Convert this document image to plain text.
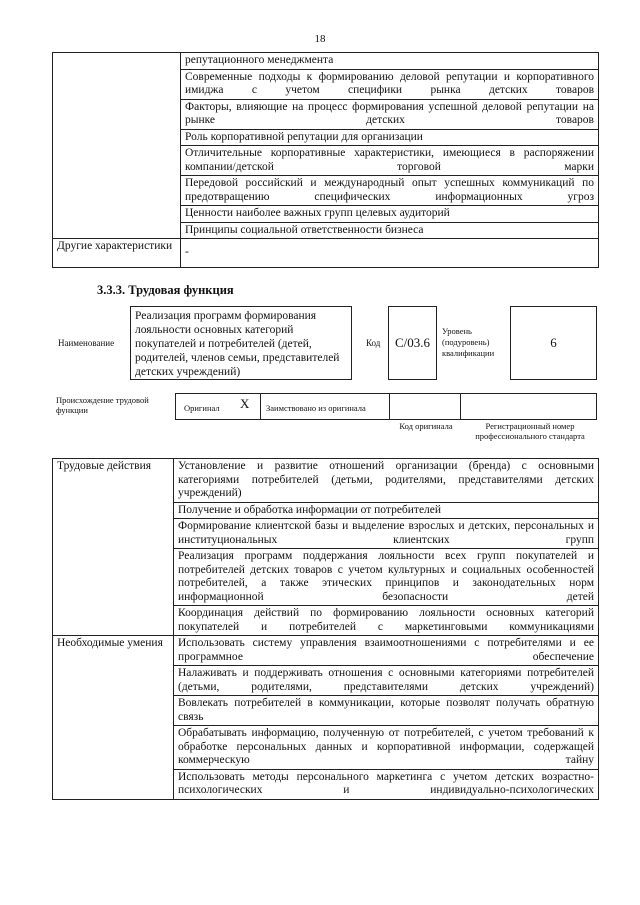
18
	репутационного менеджмента
	Современные подходы к формированию деловой репутации и корпоративного имиджа с учетом специфики рынка детских товаров
	Факторы, влияющие на процесс формирования успешной деловой репутации на рынке детских товаров
	Роль корпоративной репутации для организации
	Отличительные корпоративные характеристики, имеющиеся в распоряжении компании/детской торговой марки
	Передовой российский и международный опыт успешных коммуникаций по предотвращению специфических информационных угроз
	Ценности наиболее важных групп целевых аудиторий
	Принципы социальной ответственности бизнеса
Другие характеристики	-
3.3.3. Трудовая функция
Наименование
Реализация программ формирования лояльности основных категорий покупателей и потребителей (детей, родителей, членов семьи, представителей детских учреждений)
Код	С/03.6
Уровень (подуровень) квалификации
6
Происхождение трудовой функции	Оригинал X Заимствовано из оригинала
Код оригинала	Регистрационный номер профессионального стандарта
Трудовые действия	Установление и развитие отношений организации (бренда) с основными категориями потребителей (детьми, родителями, представителями детских учреждений)
	Получение и обработка информации от потребителей
	Формирование клиентской базы и выделение взрослых и детских, персональных и институциональных клиентских групп
	Реализация программ поддержания лояльности всех групп покупателей и потребителей детских товаров с учетом культурных и социальных особенностей потребителей, а также этических принципов и законодательных норм информационной безопасности детей
	Координация действий по формированию лояльности основных категорий покупателей и потребителей с маркетинговыми коммуникациями
Необходимые умения	Использовать систему управления взаимоотношениями с потребителями и ее программное обеспечение
	Налаживать и поддерживать отношения с основными категориями потребителей (детьми, родителями, представителями детских учреждений)
	Вовлекать потребителей в коммуникации, которые позволят получать обратную связь
	Обрабатывать информацию, полученную от потребителей, с учетом требований к обработке персональных данных и корпоративной информации, содержащей коммерческую тайну
	Использовать методы персонального маркетинга с учетом детских возрастно-психологических и индивидуально-психологических
